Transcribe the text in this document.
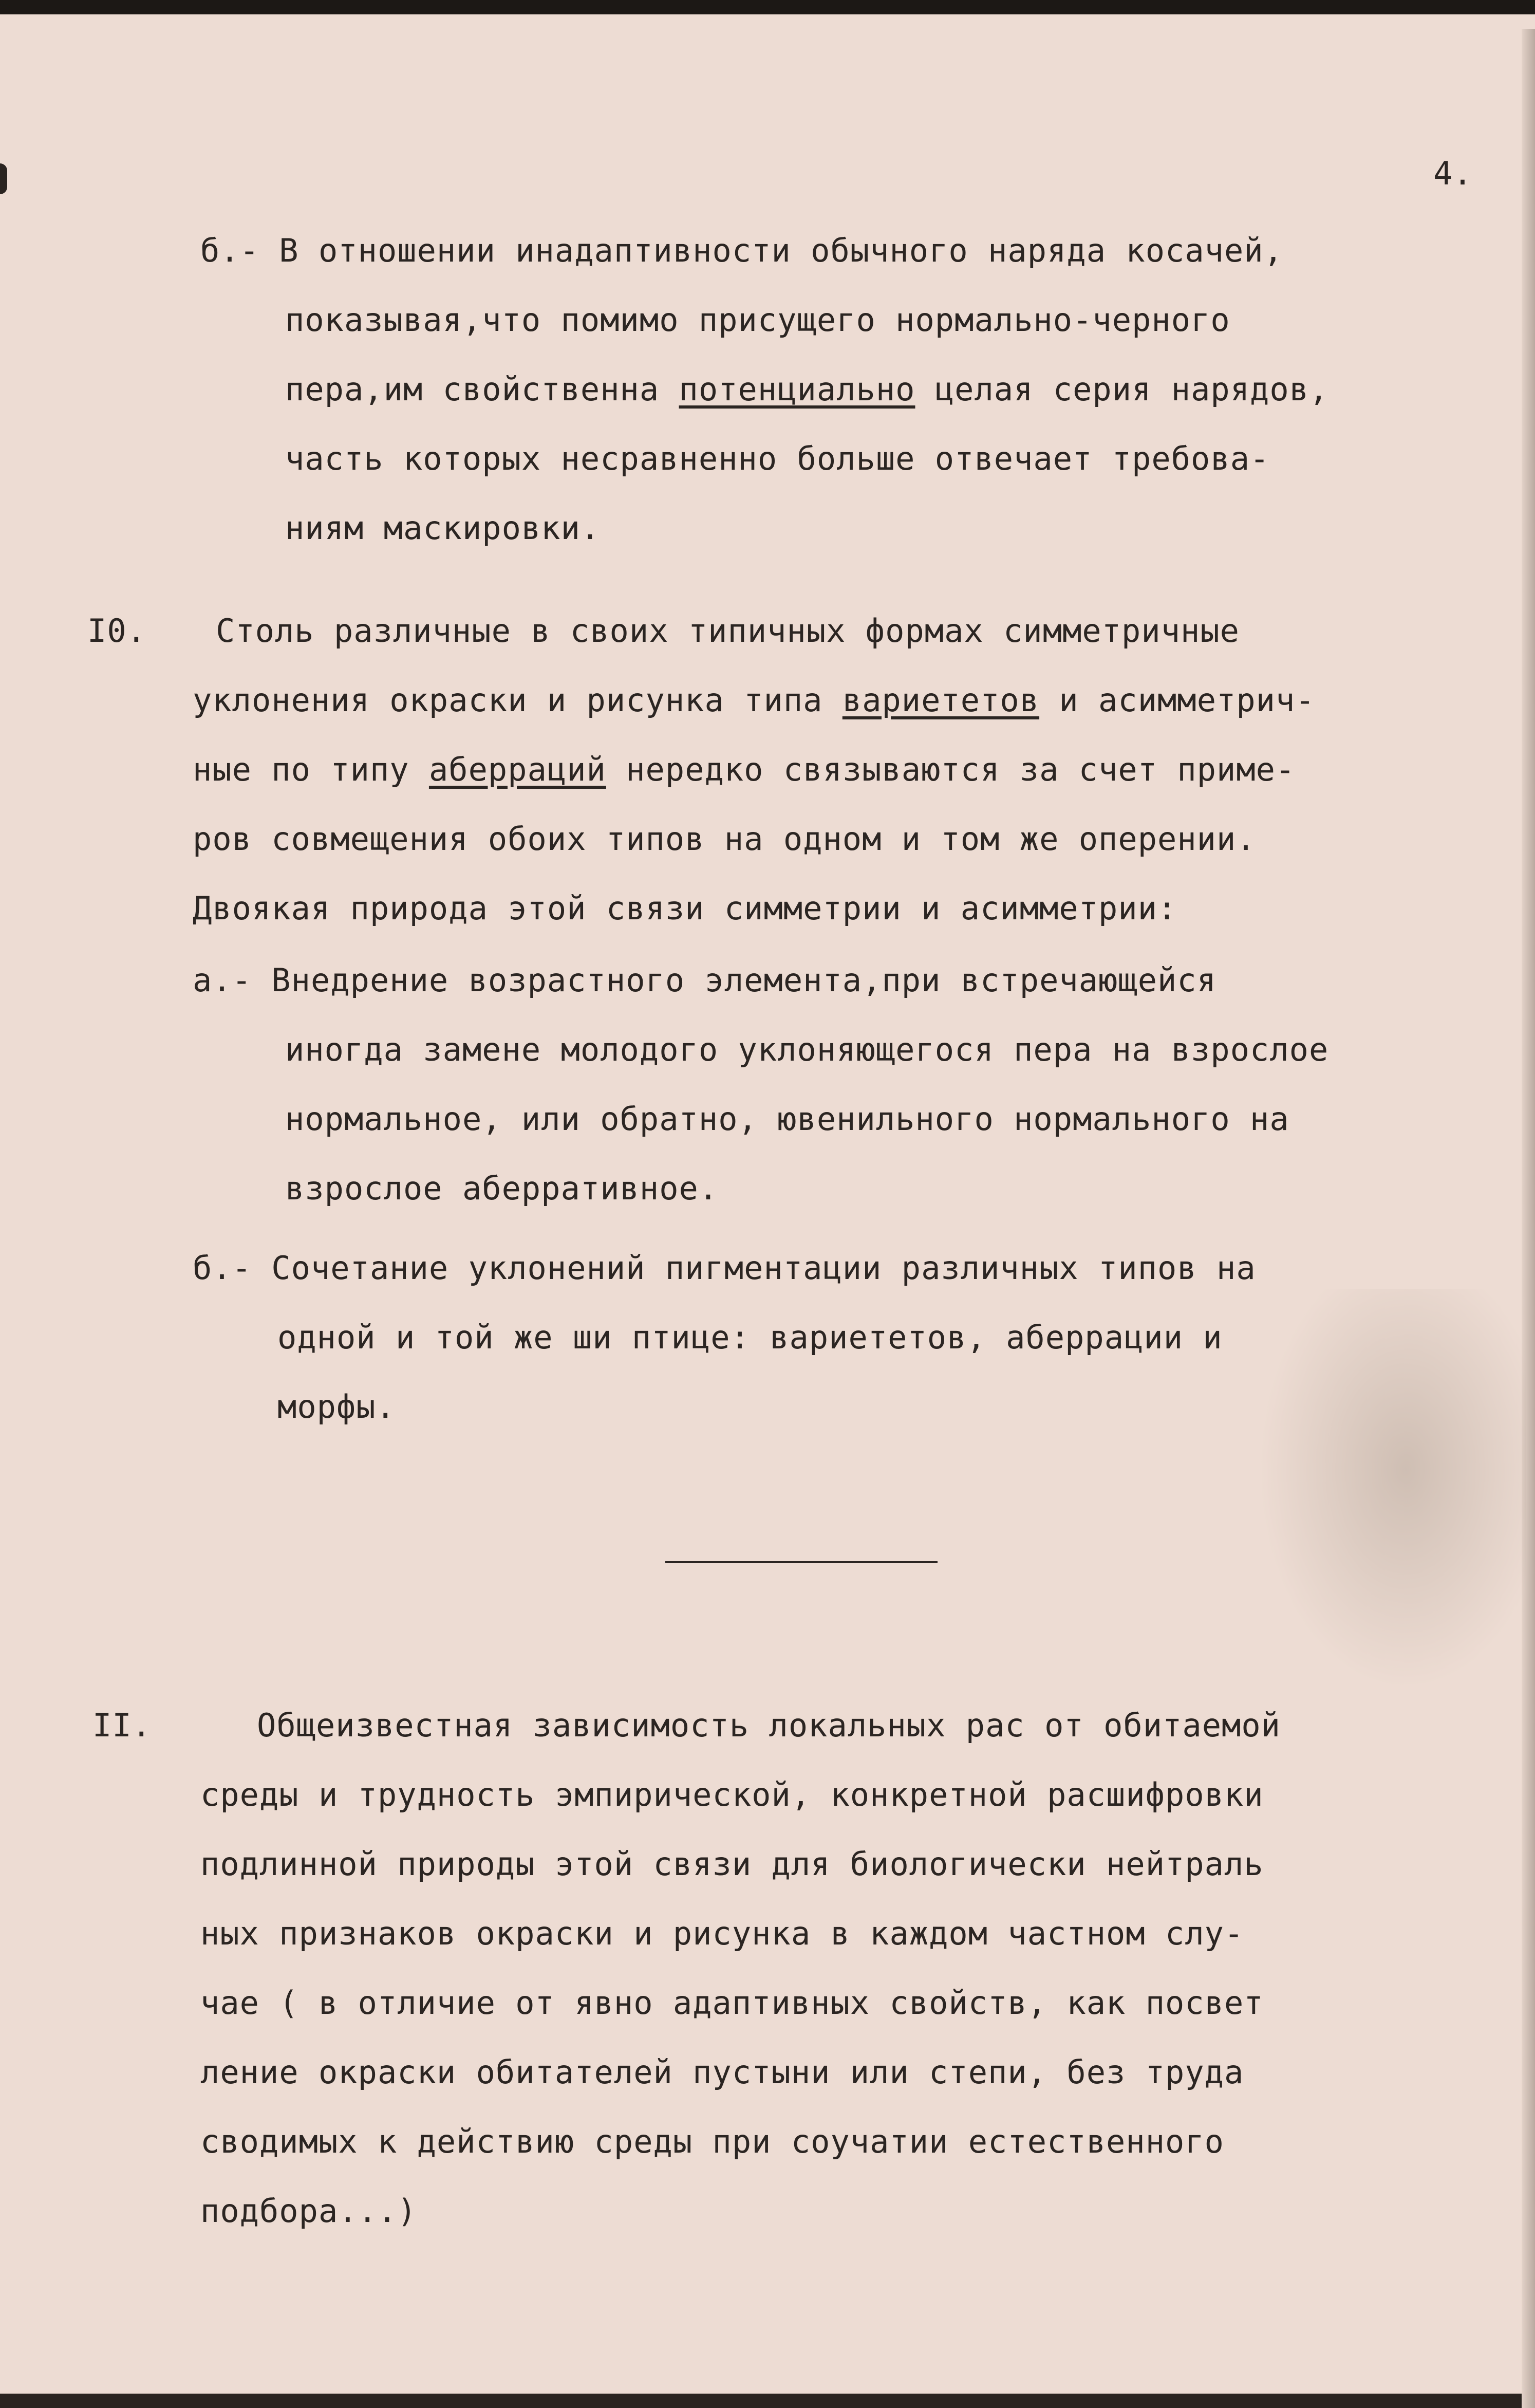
4.
б.- В отношении инадаптивности обычного наряда косачей,
показывая,что помимо присущего нормально-черного
пера,им свойственна потенциально целая серия нарядов,
часть которых несравненно больше отвечает требова-
ниям маскировки.
I0. Столь различные в своих типичных формах симметричные
уклонения окраски и рисунка типа вариететов и асимметрич-
ные по типу аберраций нередко связываются за счет приме-
ров совмещения обоих типов на одном и том же оперении.
Двоякая природа этой связи симметрии и асимметрии:
а.- Внедрение возрастного элемента,при встречающейся
иногда замене молодого уклоняющегося пера на взрослое
нормальное, или обратно, ювенильного нормального на
взрослое аберративное.
б.- Сочетание уклонений пигментации различных типов на
одной и той же ши птице: вариететов, аберрации и
морфы.
II.	Общеизвестная зависимость локальных рас от обитаемой
среды и трудность эмпирической, конкретной расшифровки
подлинной природы этой связи для биологически нейтраль
ных признаков окраски и рисунка в каждом частном слу-
чае ( в отличие от явно адаптивных свойств, как посвет
ление окраски обитателей пустыни или степи, без труда
сводимых к действию среды при соучатии естественного
подбора...)
